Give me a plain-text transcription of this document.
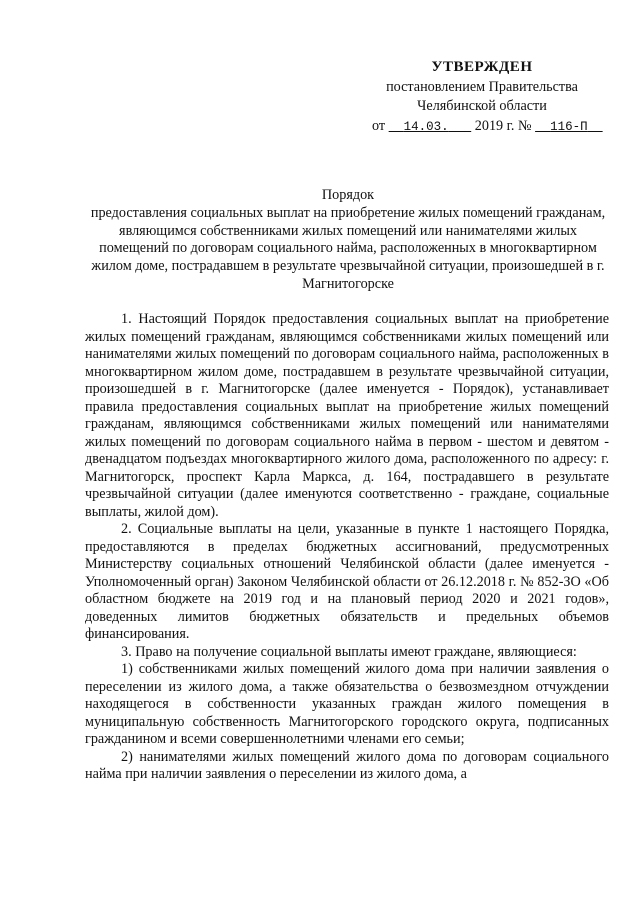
УТВЕРЖДЕН
постановлением Правительства
Челябинской области
от 14.03. 2019 г. № 116-П
Порядок
предоставления социальных выплат на приобретение жилых помещений гражданам, являющимся собственниками жилых помещений или нанимателями жилых помещений по договорам социального найма, расположенных в многоквартирном жилом доме, пострадавшем в результате чрезвычайной ситуации, произошедшей в г. Магнитогорске

1. Настоящий Порядок предоставления социальных выплат на приобретение жилых помещений гражданам, являющимся собственниками жилых помещений или нанимателями жилых помещений по договорам социального найма, расположенных в многоквартирном жилом доме, пострадавшем в результате чрезвычайной ситуации, произошедшей в г. Магнитогорске (далее именуется - Порядок), устанавливает правила предоставления социальных выплат на приобретение жилых помещений гражданам, являющимся собственниками жилых помещений или нанимателями жилых помещений по договорам социального найма в первом - шестом и девятом - двенадцатом подъездах многоквартирного жилого дома, расположенного по адресу: г. Магнитогорск, проспект Карла Маркса, д. 164, пострадавшего в результате чрезвычайной ситуации (далее именуются соответственно - граждане, социальные выплаты, жилой дом).

2. Социальные выплаты на цели, указанные в пункте 1 настоящего Порядка, предоставляются в пределах бюджетных ассигнований, предусмотренных Министерству социальных отношений Челябинской области (далее именуется - Уполномоченный орган) Законом Челябинской области от 26.12.2018 г. № 852-ЗО «Об областном бюджете на 2019 год и на плановый период 2020 и 2021 годов», доведенных лимитов бюджетных обязательств и предельных объемов финансирования.

3. Право на получение социальной выплаты имеют граждане, являющиеся:

1) собственниками жилых помещений жилого дома при наличии заявления о переселении из жилого дома, а также обязательства о безвозмездном отчуждении находящегося в собственности указанных граждан жилого помещения в муниципальную собственность Магнитогорского городского округа, подписанных гражданином и всеми совершеннолетними членами его семьи;

2) нанимателями жилых помещений жилого дома по договорам социального найма при наличии заявления о переселении из жилого дома, а
